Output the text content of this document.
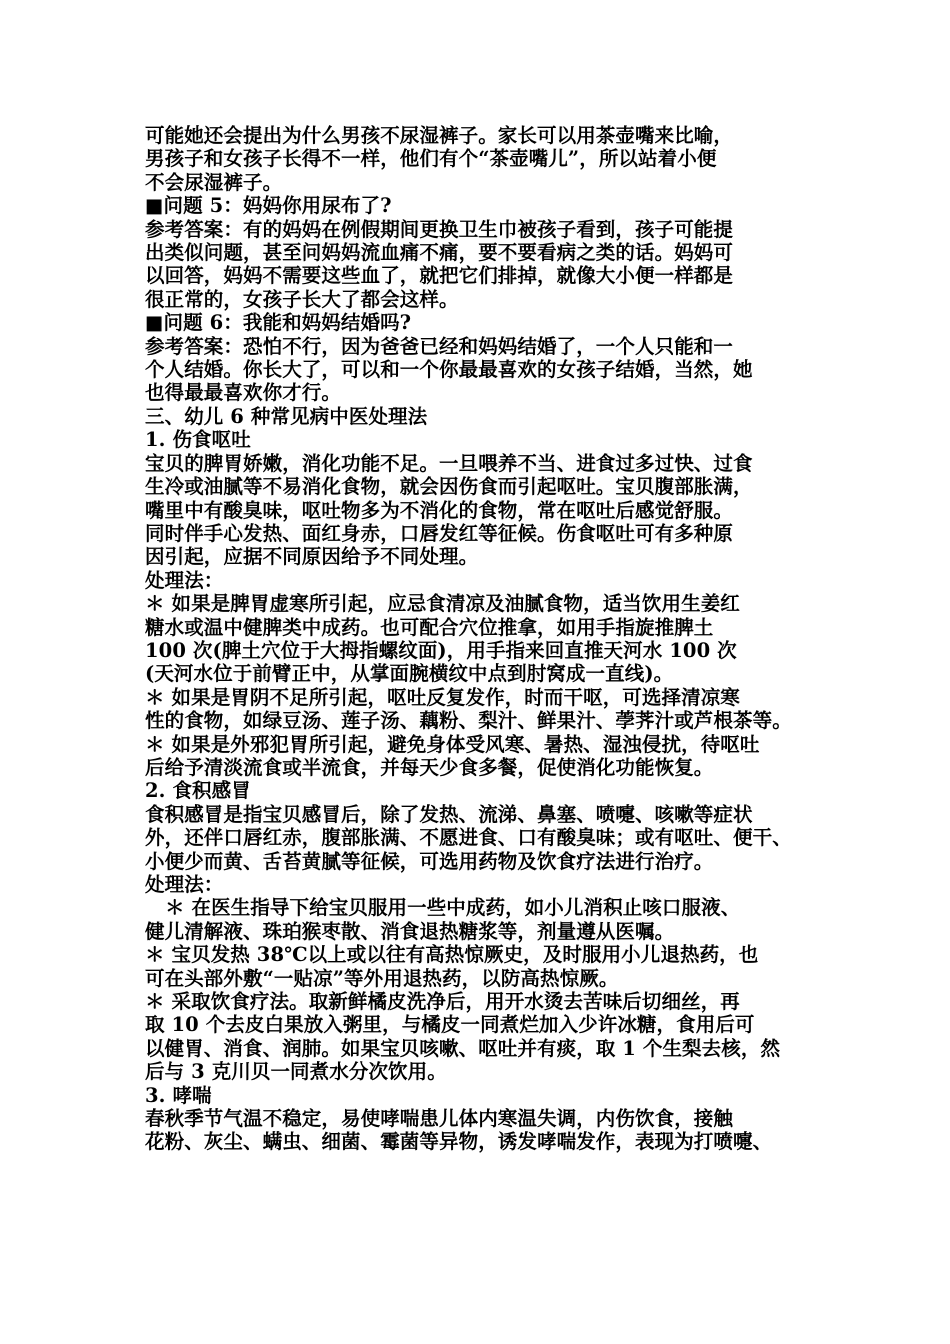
可能她还会提出为什么男孩不尿湿裤子。家长可以用茶壶嘴来比喻，

男孩子和女孩子长得不一样，他们有个“茶壶嘴儿”，所以站着小便

不会尿湿裤子。

■问题 5：妈妈你用尿布了?

参考答案：有的妈妈在例假期间更换卫生巾被孩子看到，孩子可能提

出类似问题，甚至问妈妈流血痛不痛，要不要看病之类的话。妈妈可

以回答，妈妈不需要这些血了，就把它们排掉，就像大小便一样都是

很正常的，女孩子长大了都会这样。

■问题 6：我能和妈妈结婚吗?

参考答案：恐怕不行，因为爸爸已经和妈妈结婚了，一个人只能和一

个人结婚。你长大了，可以和一个你最最喜欢的女孩子结婚，当然，她

也得最最喜欢你才行。

三、幼儿 6 种常见病中医处理法

1. 伤食呕吐

宝贝的脾胃娇嫩，消化功能不足。一旦喂养不当、进食过多过快、过食

生冷或油腻等不易消化食物，就会因伤食而引起呕吐。宝贝腹部胀满，

嘴里中有酸臭味，呕吐物多为不消化的食物，常在呕吐后感觉舒服。

同时伴手心发热、面红身赤，口唇发红等征候。伤食呕吐可有多种原

因引起，应据不同原因给予不同处理。

处理法：

＊ 如果是脾胃虚寒所引起，应忌食清凉及油腻食物，适当饮用生姜红

糖水或温中健脾类中成药。也可配合穴位推拿，如用手指旋推脾土

100 次(脾土穴位于大拇指螺纹面)，用手指来回直推天河水 100 次

(天河水位于前臂正中，从掌面腕横纹中点到肘窝成一直线)。

＊ 如果是胃阴不足所引起，呕吐反复发作，时而干呕，可选择清凉寒

性的食物，如绿豆汤、莲子汤、藕粉、梨汁、鲜果汁、荸荠汁或芦根茶等。

＊ 如果是外邪犯胃所引起，避免身体受风寒、暑热、湿浊侵扰，待呕吐

后给予清淡流食或半流食，并每天少食多餐，促使消化功能恢复。

2. 食积感冒

食积感冒是指宝贝感冒后，除了发热、流涕、鼻塞、喷嚏、咳嗽等症状

外，还伴口唇红赤，腹部胀满、不愿进食、口有酸臭味；或有呕吐、便干、

小便少而黄、舌苔黄腻等征候，可选用药物及饮食疗法进行治疗。

处理法：

＊ 在医生指导下给宝贝服用一些中成药，如小儿消积止咳口服液、

健儿清解液、珠珀猴枣散、消食退热糖浆等，剂量遵从医嘱。

＊ 宝贝发热 38℃以上或以往有高热惊厥史，及时服用小儿退热药，也

可在头部外敷“一贴凉”等外用退热药，以防高热惊厥。

＊ 采取饮食疗法。取新鲜橘皮洗净后，用开水烫去苦味后切细丝，再

取 10 个去皮白果放入粥里，与橘皮一同煮烂加入少许冰糖，食用后可

以健胃、消食、润肺。如果宝贝咳嗽、呕吐并有痰，取 1 个生梨去核，然

后与 3 克川贝一同煮水分次饮用。

3. 哮喘

春秋季节气温不稳定，易使哮喘患儿体内寒温失调，内伤饮食，接触

花粉、灰尘、螨虫、细菌、霉菌等异物，诱发哮喘发作，表现为打喷嚏、
